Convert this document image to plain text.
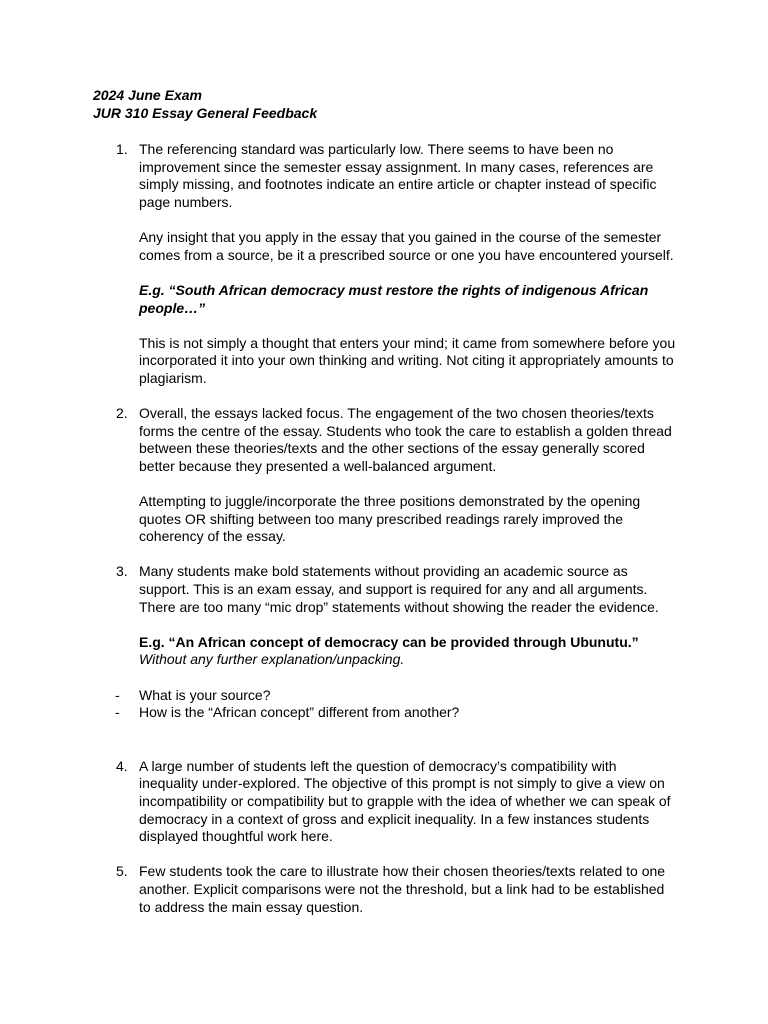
2024 June Exam

JUR 310 Essay General Feedback

1. The referencing standard was particularly low. There seems to have been no improvement since the semester essay assignment. In many cases, references are simply missing, and footnotes indicate an entire article or chapter instead of specific page numbers.

Any insight that you apply in the essay that you gained in the course of the semester comes from a source, be it a prescribed source or one you have encountered yourself.

E.g. “South African democracy must restore the rights of indigenous African people…”

This is not simply a thought that enters your mind; it came from somewhere before you incorporated it into your own thinking and writing. Not citing it appropriately amounts to plagiarism.

2. Overall, the essays lacked focus. The engagement of the two chosen theories/texts forms the centre of the essay. Students who took the care to establish a golden thread between these theories/texts and the other sections of the essay generally scored better because they presented a well-balanced argument.

Attempting to juggle/incorporate the three positions demonstrated by the opening quotes OR shifting between too many prescribed readings rarely improved the coherency of the essay.

3. Many students make bold statements without providing an academic source as support. This is an exam essay, and support is required for any and all arguments. There are too many “mic drop” statements without showing the reader the evidence.

E.g. “An African concept of democracy can be provided through Ubunutu.”

Without any further explanation/unpacking.

- What is your source?

- How is the “African concept” different from another?

4. A large number of students left the question of democracy’s compatibility with inequality under-explored. The objective of this prompt is not simply to give a view on incompatibility or compatibility but to grapple with the idea of whether we can speak of democracy in a context of gross and explicit inequality. In a few instances students displayed thoughtful work here.

5. Few students took the care to illustrate how their chosen theories/texts related to one another. Explicit comparisons were not the threshold, but a link had to be established to address the main essay question.
